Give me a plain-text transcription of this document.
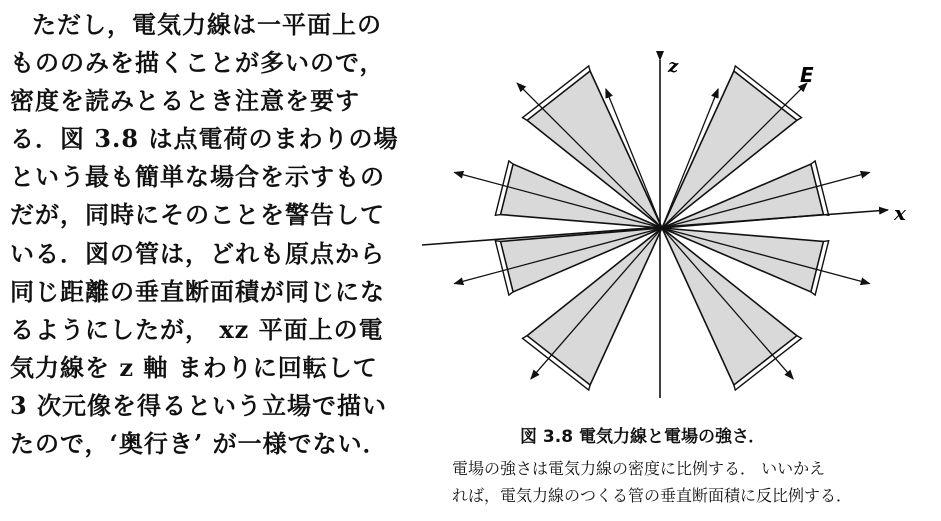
ただし，電気力線は一平面上の
もののみを描くことが多いので，
密度を読みとるとき注意を要す
る．図 3.8 は点電荷のまわりの場
という最も簡単な場合を示すもの
だが，同時にそのことを警告して
いる．図の管は，どれも原点から
同じ距離の垂直断面積が同じにな
るようにしたが， xz 平面上の電
気力線を z 軸 まわりに回転して
3 次元像を得るという立場で描い
たので，‘奥行き’ が一様でない．
z
x
E
図 3.8 電気力線と電場の強さ．
電場の強さは電気力線の密度に比例する． いいかえ
れば，電気力線のつくる管の垂直断面積に反比例する．
